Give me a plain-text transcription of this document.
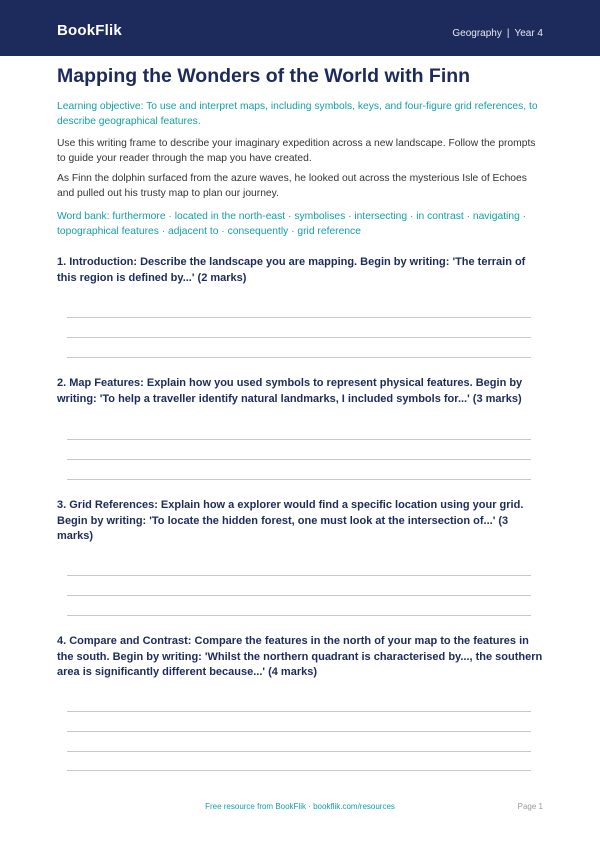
BookFlik	Geography | Year 4
Mapping the Wonders of the World with Finn

Learning objective: To use and interpret maps, including symbols, keys, and four-figure grid references, to describe geographical features.

Use this writing frame to describe your imaginary expedition across a new landscape. Follow the prompts to guide your reader through the map you have created.

As Finn the dolphin surfaced from the azure waves, he looked out across the mysterious Isle of Echoes and pulled out his trusty map to plan our journey.

Word bank: furthermore · located in the north-east · symbolises · intersecting · in contrast · navigating · topographical features · adjacent to · consequently · grid reference

1. Introduction: Describe the landscape you are mapping. Begin by writing: 'The terrain of this region is defined by...' (2 marks)

2. Map Features: Explain how you used symbols to represent physical features. Begin by writing: 'To help a traveller identify natural landmarks, I included symbols for...' (3 marks)

3. Grid References: Explain how a explorer would find a specific location using your grid. Begin by writing: 'To locate the hidden forest, one must look at the intersection of...' (3 marks)

4. Compare and Contrast: Compare the features in the north of your map to the features in the south. Begin by writing: 'Whilst the northern quadrant is characterised by..., the southern area is significantly different because...' (4 marks)

Free resource from BookFlik · bookflik.com/resources	Page 1
